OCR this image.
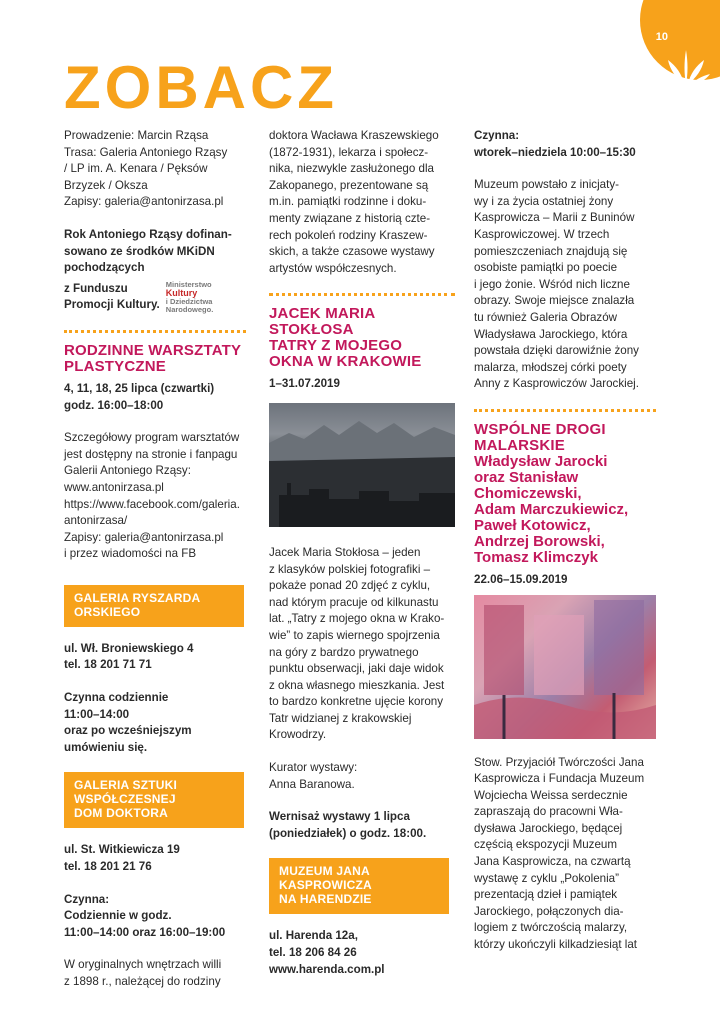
10
ZOBACZ

Prowadzenie: Marcin Rząsa
Trasa: Galeria Antoniego Rząsy
/ LP im. A. Kenara / Pęksów
Brzyzek / Oksza
Zapisy: galeria@antonirzasa.pl

Rok Antoniego Rząsy dofinan-
sowano ze środków MKiDN
pochodzących

z Funduszu
Promocji Kultury.
Ministerstwo
Kultury
i Dziedzictwa
Narodowego.
RODZINNE WARSZTATY
PLASTYCZNE

4, 11, 18, 25 lipca (czwartki)
godz. 16:00–18:00

Szczegółowy program warsztatów
jest dostępny na stronie i fanpagu
Galerii Antoniego Rząsy:
www.antonirzasa.pl
https://www.facebook.com/galeria.
antonirzasa/
Zapisy: galeria@antonirzasa.pl
i przez wiadomości na FB

GALERIA RYSZARDA
ORSKIEGO

ul. Wł. Broniewskiego 4
tel. 18 201 71 71

Czynna codziennie
11:00–14:00
oraz po wcześniejszym
umówieniu się.

GALERIA SZTUKI
WSPÓŁCZESNEJ
DOM DOKTORA

ul. St. Witkiewicza 19
tel. 18 201 21 76

Czynna:
Codziennie w godz.
11:00–14:00 oraz 16:00–19:00

W oryginalnych wnętrzach willi
z 1898 r., należącej do rodziny

doktora Wacława Kraszewskiego
(1872-1931), lekarza i społecz-
nika, niezwykle zasłużonego dla
Zakopanego, prezentowane są
m.in. pamiątki rodzinne i doku-
menty związane z historią czte-
rech pokoleń rodziny Kraszew-
skich, a także czasowe wystawy
artystów współczesnych.

JACEK MARIA
STOKŁOSA
TATRY Z MOJEGO
OKNA W KRAKOWIE
1–31.07.2019

Jacek Maria Stokłosa – jeden
z klasyków polskiej fotografiki –
pokaże ponad 20 zdjęć z cyklu,
nad którym pracuje od kilkunastu
lat. „Tatry z mojego okna w Krako-
wie” to zapis wiernego spojrzenia
na góry z bardzo prywatnego
punktu obserwacji, jaki daje widok
z okna własnego mieszkania. Jest
to bardzo konkretne ujęcie korony
Tatr widzianej z krakowskiej
Krowodrzy.

Kurator wystawy:
Anna Baranowa.

Wernisaż wystawy 1 lipca
(poniedziałek) o godz. 18:00.

MUZEUM JANA
KASPROWICZA
NA HARENDZIE

ul. Harenda 12a,
tel. 18 206 84 26
www.harenda.com.pl

Czynna:
wtorek–niedziela 10:00–15:30

Muzeum powstało z inicjaty-
wy i za życia ostatniej żony
Kasprowicza – Marii z Buninów
Kasprowiczowej. W trzech
pomieszczeniach znajdują się
osobiste pamiątki po poecie
i jego żonie. Wśród nich liczne
obrazy. Swoje miejsce znalazła
tu również Galeria Obrazów
Władysława Jarockiego, która
powstała dzięki darowiźnie żony
malarza, młodszej córki poety
Anny z Kasprowiczów Jarockiej.

WSPÓLNE DROGI
MALARSKIE
Władysław Jarocki
oraz Stanisław
Chomiczewski,
Adam Marczukiewicz,
Paweł Kotowicz,
Andrzej Borowski,
Tomasz Klimczyk
22.06–15.09.2019

Stow. Przyjaciół Twórczości Jana
Kasprowicza i Fundacja Muzeum
Wojciecha Weissa serdecznie
zapraszają do pracowni Wła-
dysława Jarockiego, będącej
częścią ekspozycji Muzeum
Jana Kasprowicza, na czwartą
wystawę z cyklu „Pokolenia”
prezentacją dzieł i pamiątek
Jarockiego, połączonych dia-
logiem z twórczością malarzy,
którzy ukończyli kilkadziesiąt lat
